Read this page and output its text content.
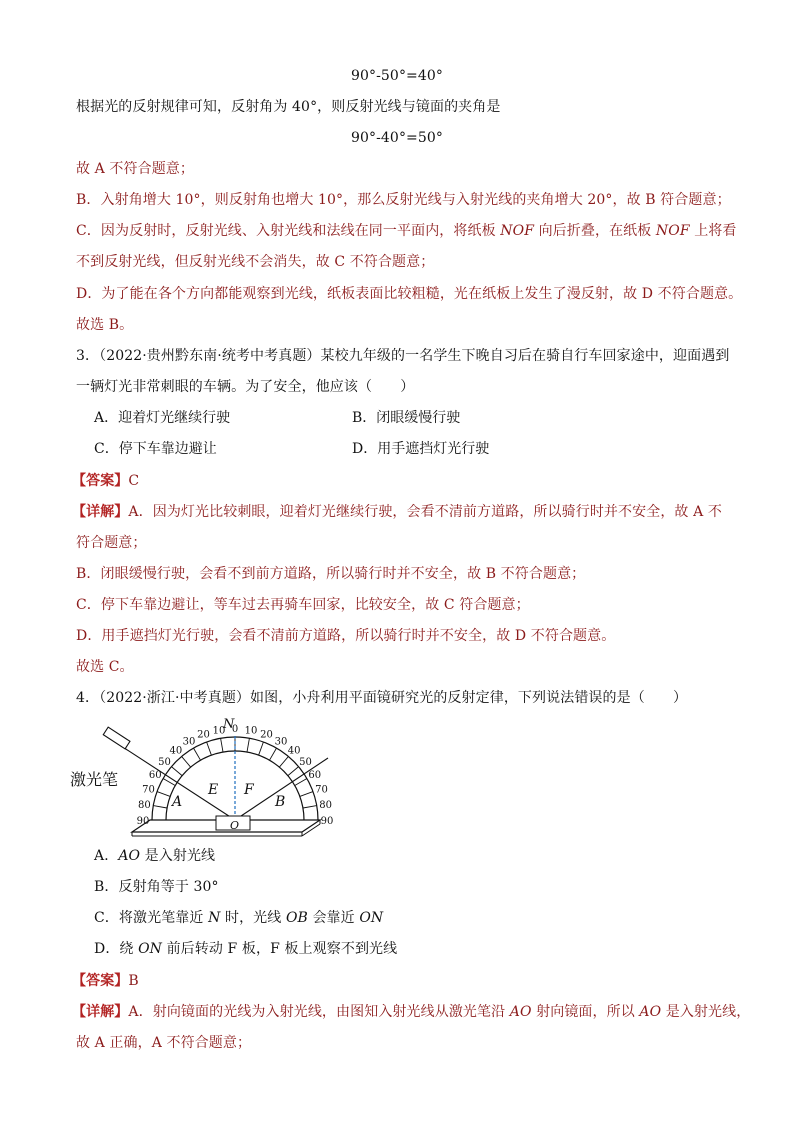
90°-50°=40°
根据光的反射规律可知，反射角为 40°，则反射光线与镜面的夹角是
90°-40°=50°
故 A 不符合题意；
B．入射角增大 10°，则反射角也增大 10°，那么反射光线与入射光线的夹角增大 20°，故 B 符合题意；
C．因为反射时，反射光线、入射光线和法线在同一平面内，将纸板 NOF 向后折叠，在纸板 NOF 上将看
不到反射光线，但反射光线不会消失，故 C 不符合题意；
D．为了能在各个方向都能观察到光线，纸板表面比较粗糙，光在纸板上发生了漫反射，故 D 不符合题意。
故选 B。
3．（2022·贵州黔东南·统考中考真题）某校九年级的一名学生下晚自习后在骑自行车回家途中，迎面遇到
一辆灯光非常刺眼的车辆。为了安全，他应该（　　）
A．迎着灯光继续行驶	B．闭眼缓慢行驶
C．停下车靠边避让	D．用手遮挡灯光行驶
【答案】C
【详解】A．因为灯光比较刺眼，迎着灯光继续行驶，会看不清前方道路，所以骑行时并不安全，故 A 不
符合题意；
B．闭眼缓慢行驶，会看不到前方道路，所以骑行时并不安全，故 B 不符合题意；
C．停下车靠边避让，等车过去再骑车回家，比较安全，故 C 符合题意；
D．用手遮挡灯光行驶，会看不清前方道路，所以骑行时并不安全，故 D 不符合题意。
故选 C。
4．（2022·浙江·中考真题）如图，小舟利用平面镜研究光的反射定律，下列说法错误的是（　　）
激光笔
N
E F
A	B
O
0
10 10
20	20
30	30
40	40
50	50
60	60
70	70
80	80
90	90
A．AO 是入射光线
B．反射角等于 30°
C．将激光笔靠近 N 时，光线 OB 会靠近 ON
D．绕 ON 前后转动 F 板，F 板上观察不到光线
【答案】B
【详解】A．射向镜面的光线为入射光线，由图知入射光线从激光笔沿 AO 射向镜面，所以 AO 是入射光线，
故 A 正确，A 不符合题意；
